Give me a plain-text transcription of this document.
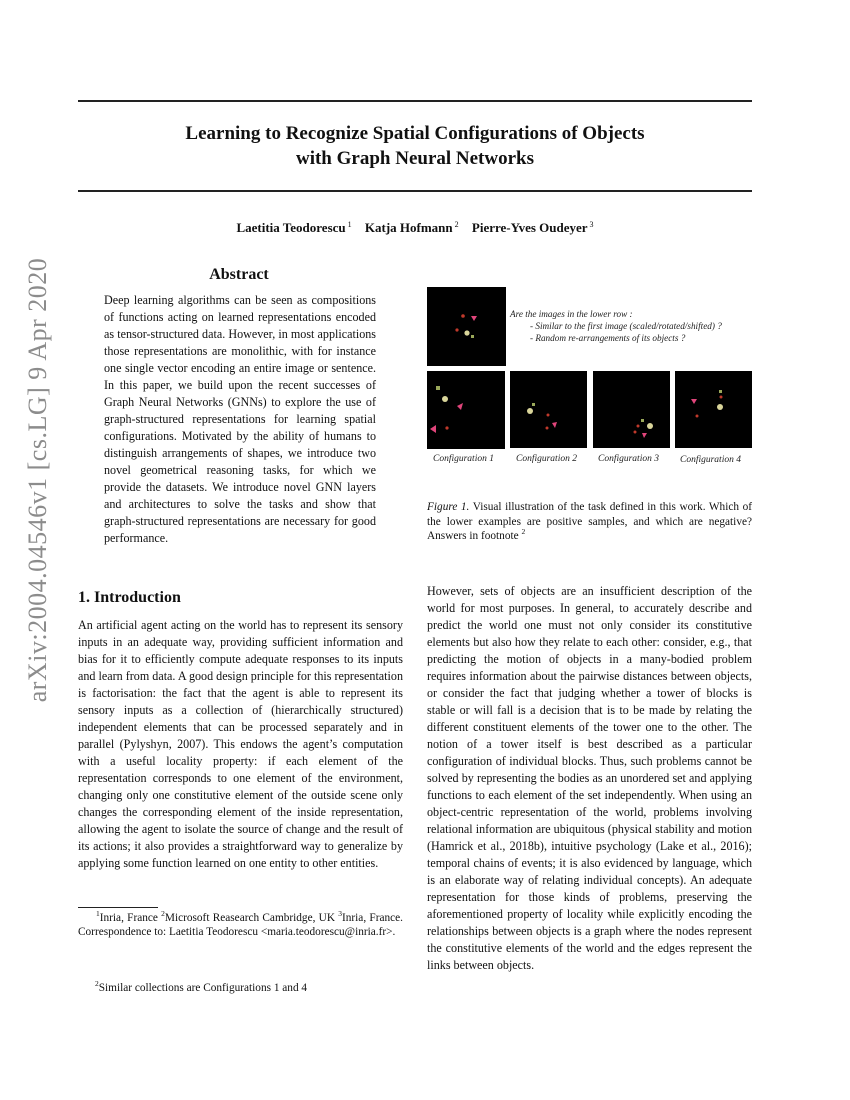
arXiv:2004.04546v1 [cs.LG] 9 Apr 2020
Learning to Recognize Spatial Configurations of Objects
with Graph Neural Networks
Laetitia Teodorescu $^1$ Katja Hofmann $^2$ Pierre-Yves Oudeyer $^3$
Abstract
Deep learning algorithms can be seen as compositions of functions acting on learned representations encoded as tensor-structured data. However, in most applications those representations are monolithic, with for instance one single vector encoding an entire image or sentence. In this paper, we build upon the recent successes of Graph Neural Networks (GNNs) to explore the use of graph-structured representations for learning spatial configurations. Motivated by the ability of humans to distinguish arrangements of shapes, we introduce two novel geometrical reasoning tasks, for which we provide the datasets. We introduce novel GNN layers and architectures to solve the tasks and show that graph-structured representations are necessary for good performance.
1. Introduction
An artificial agent acting on the world has to represent its sensory inputs in an adequate way, providing sufficient information and bias for it to efficiently compute adequate responses to its inputs and learn from data. A good design principle for this representation is factorisation: the fact that the agent is able to represent its sensory inputs as a collection of (hierarchically structured) independent elements that can be processed separately and in parallel (Pylyshyn, 2007). This endows the agent’s computation with a useful locality property: if each element of the representation corresponds to one element of the environment, changing only one constitutive element of the outside scene only changes the corresponding element of the inside representation, allowing the agent to isolate the source of change and the result of its actions; it also provides a straightforward way to generalize by applying some function learned on one entity to other entities.
$^1$Inria, France $^2$Microsoft Reasearch Cambridge, UK $^3$Inria, France. Correspondence to: Laetitia Teodorescu <maria.teodorescu@inria.fr>.
$^2$Similar collections are Configurations 1 and 4
Are the images in the lower row :
- Similar to the first image (scaled/rotated/shifted) ?
- Random re-arrangements of its objects ?
Configuration 1 Configuration 2 Configuration 3 Configuration 4
Figure 1. Visual illustration of the task defined in this work. Which of the lower examples are positive samples, and which are negative? Answers in footnote $^2$
However, sets of objects are an insufficient description of the world for most purposes. In general, to accurately describe and predict the world one must not only consider its constitutive elements but also how they relate to each other: consider, e.g., that predicting the motion of objects in a many-bodied problem requires information about the pairwise distances between objects, or consider the fact that judging whether a tower of blocks is stable or will fall is a decision that is to be made by relating the different constituent elements of the tower one to the other. The notion of a tower itself is best described as a particular configuration of individual blocks. Thus, such problems cannot be solved by representing the bodies as an unordered set and applying functions to each element of the set independently. When using an object-centric representation of the world, problems involving relational information are ubiquitous (physical stability and motion (Hamrick et al., 2018b), intuitive psychology (Lake et al., 2016); temporal chains of events; it is also evidenced by language, which is an elaborate way of relating individual concepts). An adequate representation for those kinds of problems, preserving the aforementioned property of locality while explicitly encoding the relationships between objects is a graph where the nodes represent the constitutive elements of the world and the edges represent the links between objects.
